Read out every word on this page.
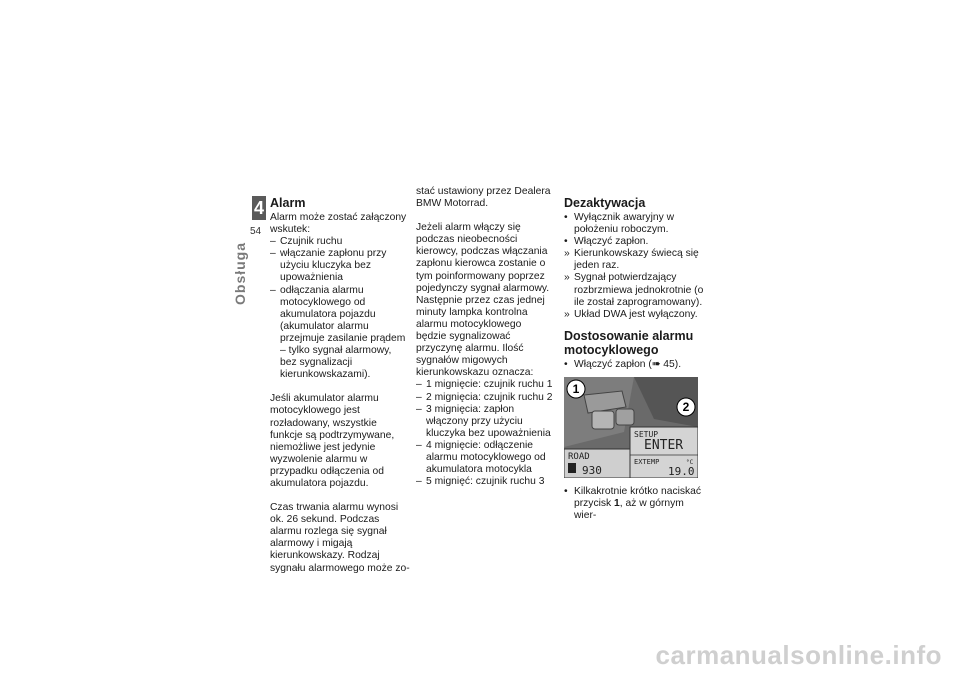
4
54
Obsługa
Alarm

Alarm może zostać załączony wskutek:

– Czujnik ruchu
– włączanie zapłonu przy użyciu kluczyka bez upoważnienia
– odłączania alarmu motocyklowego od akumulatora pojazdu (akumulator alarmu przejmuje zasilanie prądem – tylko sygnał alarmowy, bez sygnalizacji kierunkowskazami).

Jeśli akumulator alarmu motocyklowego jest rozładowany, wszystkie funkcje są podtrzymywane, niemożliwe jest jedynie wyzwolenie alarmu w przypadku odłączenia od akumulatora pojazdu.

Czas trwania alarmu wynosi ok. 26 sekund. Podczas alarmu rozlega się sygnał alarmowy i migają kierunkowskazy. Rodzaj sygnału alarmowego może zo-

stać ustawiony przez Dealera BMW Motorrad.

Jeżeli alarm włączy się podczas nieobecności kierowcy, podczas włączania zapłonu kierowca zostanie o tym poinformowany poprzez pojedynczy sygnał alarmowy. Następnie przez czas jednej minuty lampka kontrolna alarmu motocyklowego będzie sygnalizować przyczynę alarmu. Ilość sygnałów migowych kierunkowskazu oznacza:

– 1 mignięcie: czujnik ruchu 1
– 2 mignięcia: czujnik ruchu 2
– 3 mignięcia: zapłon włączony przy użyciu kluczyka bez upoważnienia
– 4 mignięcie: odłączenie alarmu motocyklowego od akumulatora motocykla
– 5 mignięć: czujnik ruchu 3
Dezaktywacja
• Wyłącznik awaryjny w położeniu roboczym.
• Włączyć zapłon.
» Kierunkowskazy świecą się jeden raz.
» Sygnał potwierdzający rozbrzmiewa jednokrotnie (o ile został zaprogramowany).
» Układ DWA jest wyłączony.
Dostosowanie alarmu motocyklowego
• Włączyć zapłon (➠ 45).
1
2
SETUP
ENTER
EXTEMP	°C
19.0
ROAD
930
• Kilkakrotnie krótko naciskać przycisk 1, aż w górnym wier-
carmanualsonline.info
